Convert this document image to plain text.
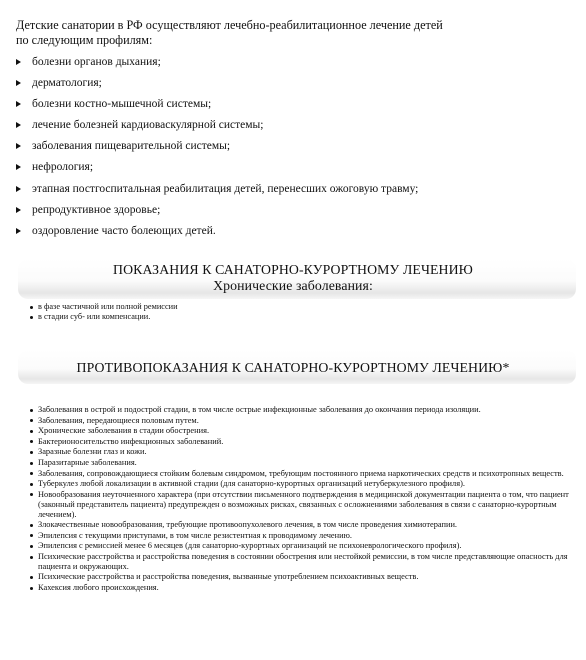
Детские санатории в РФ осуществляют лечебно-реабилитационное лечение детей по следующим профилям:
болезни органов дыхания;
дерматология;
болезни костно-мышечной системы;
лечение болезней кардиоваскулярной системы;
заболевания пищеварительной системы;
нефрология;
этапная постгоспитальная реабилитация детей, перенесших ожоговую травму;
репродуктивное здоровье;
оздоровление часто болеющих детей.
ПОКАЗАНИЯ К САНАТОРНО-КУРОРТНОМУ ЛЕЧЕНИЮ
Хронические заболевания:
в фазе частичной или полной ремиссии
в стадии суб- или компенсации.
ПРОТИВОПОКАЗАНИЯ К САНАТОРНО-КУРОРТНОМУ ЛЕЧЕНИЮ*
Заболевания в острой и подострой стадии, в том числе острые инфекционные заболевания до окончания периода изоляции.
Заболевания, передающиеся половым путем.
Хронические заболевания в стадии обострения.
Бактерионосительство инфекционных заболеваний.
Заразные болезни глаз и кожи.
Паразитарные заболевания.
Заболевания, сопровождающиеся стойким болевым синдромом, требующим постоянного приема наркотических средств и психотропных веществ.
Туберкулез любой локализации в активной стадии (для санаторно-курортных организаций нетуберкулезного профиля).
Новообразования неуточненного характера (при отсутствии письменного подтверждения в медицинской документации пациента о том, что пациент (законный представитель пациента) предупрежден о возможных рисках, связанных с осложнениями заболевания в связи с санаторно-курортным лечением).
Злокачественные новообразования, требующие противоопухолевого лечения, в том числе проведения химиотерапии.
Эпилепсия с текущими приступами, в том числе резистентная к проводимому лечению.
Эпилепсия с ремиссией менее 6 месяцев (для санаторно-курортных организаций не психоневрологического профиля).
Психические расстройства и расстройства поведения в состоянии обострения или нестойкой ремиссии, в том числе представляющие опасность для пациента и окружающих.
Психические расстройства и расстройства поведения, вызванные употреблением психоактивных веществ.
Кахексия любого происхождения.
